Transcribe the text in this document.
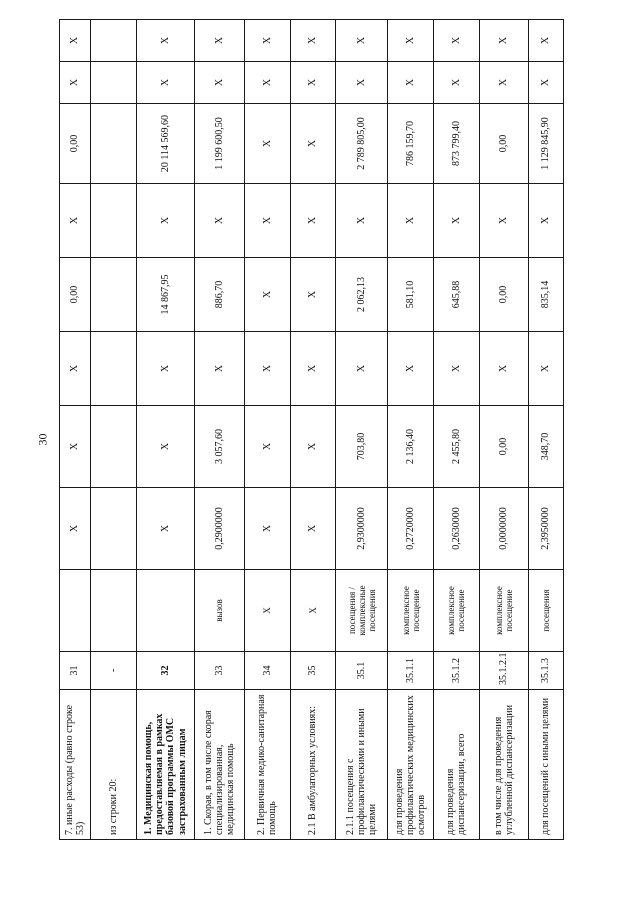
30
7. иные расходы (равно строке 53)	31		X	X	X	0,00	X	0,00	X	X
из строки 20:	-									
1. Медицинская помощь, предоставляемая в рамках базовой программы ОМС застрахованным лицам	32		X	X	X	14 867,95	X	20 114 569,60	X	X
1. Скорая, в том числе скорая специализированная, медицинская помощь	33	вызов	0,2900000	3 057,60	X	886,70	X	1 199 600,50	X	X
2. Первичная медико-санитарная помощь	34	X	X	X	X	X	X	X	X	X
2.1 В амбулаторных условиях:	35	X	X	X	X	X	X	X	X	X
2.1.1 посещения с профилактическими и иными целями	35.1	посещения / комплексные посещения	2,9300000	703,80	X	2 062,13	X	2 789 805,00	X	X
для проведения профилактических медицинских осмотров	35.1.1	комплексное посещение	0,2720000	2 136,40	X	581,10	X	786 159,70	X	X
для проведения диспансеризации, всего	35.1.2	комплексное посещение	0,2630000	2 455,80	X	645,88	X	873 799,40	X	X
в том числе для проведения углубленной диспансеризации	35.1.2.1	комплексное посещение	0,0000000	0,00	X	0,00	X	0,00	X	X
для посещений с иными целями	35.1.3	посещения	2,3950000	348,70	X	835,14	X	1 129 845,90	X	X
